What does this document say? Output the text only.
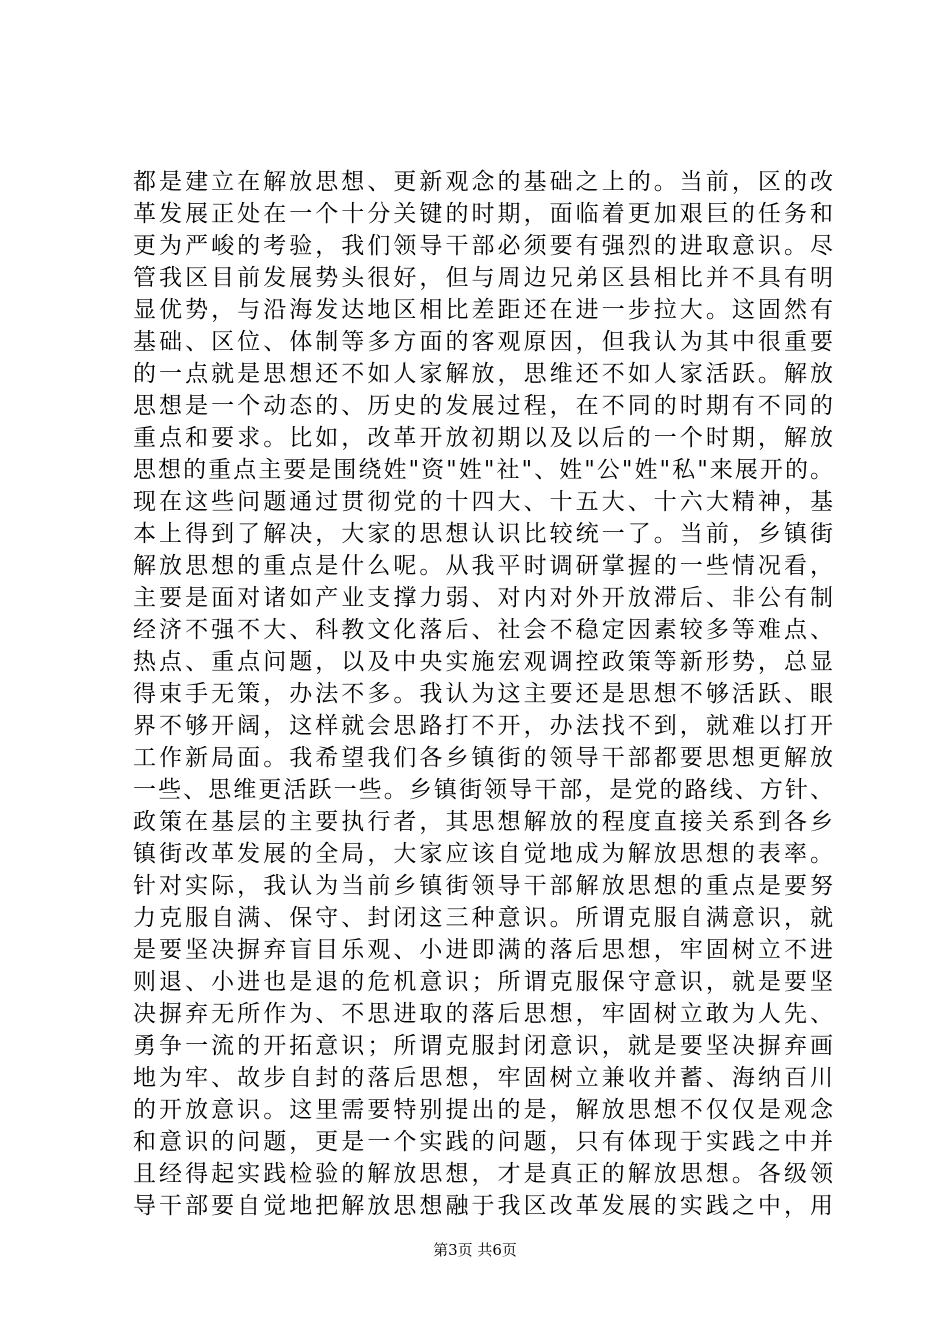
都是建立在解放思想、更新观念的基础之上的。当前，区的改
革发展正处在一个十分关键的时期，面临着更加艰巨的任务和
更为严峻的考验，我们领导干部必须要有强烈的进取意识。尽
管我区目前发展势头很好，但与周边兄弟区县相比并不具有明
显优势，与沿海发达地区相比差距还在进一步拉大。这固然有
基础、区位、体制等多方面的客观原因，但我认为其中很重要
的一点就是思想还不如人家解放，思维还不如人家活跃。解放
思想是一个动态的、历史的发展过程，在不同的时期有不同的
重点和要求。比如，改革开放初期以及以后的一个时期，解放
思想的重点主要是围绕姓"资"姓"社"、姓"公"姓"私"来展开的。
现在这些问题通过贯彻党的十四大、十五大、十六大精神，基
本上得到了解决，大家的思想认识比较统一了。当前，乡镇街
解放思想的重点是什么呢。从我平时调研掌握的一些情况看，
主要是面对诸如产业支撑力弱、对内对外开放滞后、非公有制
经济不强不大、科教文化落后、社会不稳定因素较多等难点、
热点、重点问题，以及中央实施宏观调控政策等新形势，总显
得束手无策，办法不多。我认为这主要还是思想不够活跃、眼
界不够开阔，这样就会思路打不开，办法找不到，就难以打开
工作新局面。我希望我们各乡镇街的领导干部都要思想更解放
一些、思维更活跃一些。乡镇街领导干部，是党的路线、方针、
政策在基层的主要执行者，其思想解放的程度直接关系到各乡
镇街改革发展的全局，大家应该自觉地成为解放思想的表率。
针对实际，我认为当前乡镇街领导干部解放思想的重点是要努
力克服自满、保守、封闭这三种意识。所谓克服自满意识，就
是要坚决摒弃盲目乐观、小进即满的落后思想，牢固树立不进
则退、小进也是退的危机意识；所谓克服保守意识，就是要坚
决摒弃无所作为、不思进取的落后思想，牢固树立敢为人先、
勇争一流的开拓意识；所谓克服封闭意识，就是要坚决摒弃画
地为牢、故步自封的落后思想，牢固树立兼收并蓄、海纳百川
的开放意识。这里需要特别提出的是，解放思想不仅仅是观念
和意识的问题，更是一个实践的问题，只有体现于实践之中并
且经得起实践检验的解放思想，才是真正的解放思想。各级领
导干部要自觉地把解放思想融于我区改革发展的实践之中，用
第3页 共6页
